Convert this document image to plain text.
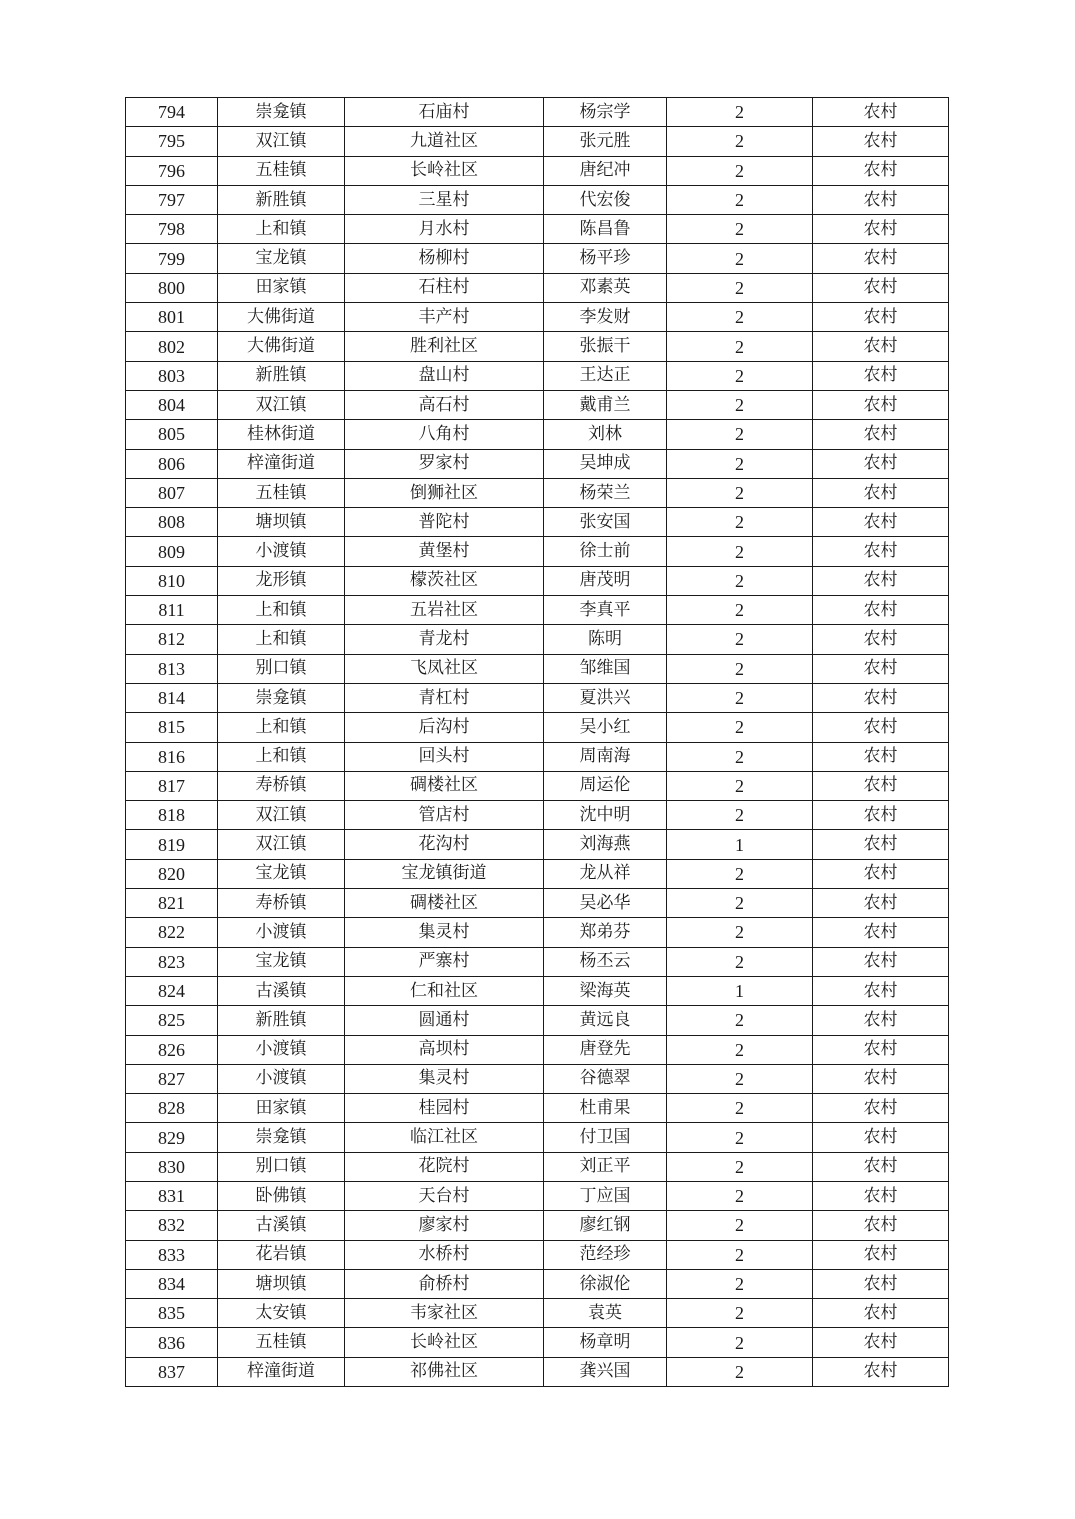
794	崇龛镇	石庙村	杨宗学	2	农村
795	双江镇	九道社区	张元胜	2	农村
796	五桂镇	长岭社区	唐纪冲	2	农村
797	新胜镇	三星村	代宏俊	2	农村
798	上和镇	月水村	陈昌鲁	2	农村
799	宝龙镇	杨柳村	杨平珍	2	农村
800	田家镇	石柱村	邓素英	2	农村
801	大佛街道	丰产村	李发财	2	农村
802	大佛街道	胜利社区	张振干	2	农村
803	新胜镇	盘山村	王达正	2	农村
804	双江镇	高石村	戴甫兰	2	农村
805	桂林街道	八角村	刘林	2	农村
806	梓潼街道	罗家村	吴坤成	2	农村
807	五桂镇	倒狮社区	杨荣兰	2	农村
808	塘坝镇	普陀村	张安国	2	农村
809	小渡镇	黄堡村	徐士前	2	农村
810	龙形镇	檬茨社区	唐茂明	2	农村
811	上和镇	五岩社区	李真平	2	农村
812	上和镇	青龙村	陈明	2	农村
813	别口镇	飞凤社区	邹维国	2	农村
814	崇龛镇	青杠村	夏洪兴	2	农村
815	上和镇	后沟村	吴小红	2	农村
816	上和镇	回头村	周南海	2	农村
817	寿桥镇	碉楼社区	周运伦	2	农村
818	双江镇	管店村	沈中明	2	农村
819	双江镇	花沟村	刘海燕	1	农村
820	宝龙镇	宝龙镇街道	龙从祥	2	农村
821	寿桥镇	碉楼社区	吴必华	2	农村
822	小渡镇	集灵村	郑弟芬	2	农村
823	宝龙镇	严寨村	杨丕云	2	农村
824	古溪镇	仁和社区	梁海英	1	农村
825	新胜镇	圆通村	黄远良	2	农村
826	小渡镇	高坝村	唐登先	2	农村
827	小渡镇	集灵村	谷德翠	2	农村
828	田家镇	桂园村	杜甫果	2	农村
829	崇龛镇	临江社区	付卫国	2	农村
830	别口镇	花院村	刘正平	2	农村
831	卧佛镇	天台村	丁应国	2	农村
832	古溪镇	廖家村	廖红钢	2	农村
833	花岩镇	水桥村	范经珍	2	农村
834	塘坝镇	俞桥村	徐淑伦	2	农村
835	太安镇	韦家社区	袁英	2	农村
836	五桂镇	长岭社区	杨章明	2	农村
837	梓潼街道	祁佛社区	龚兴国	2	农村
